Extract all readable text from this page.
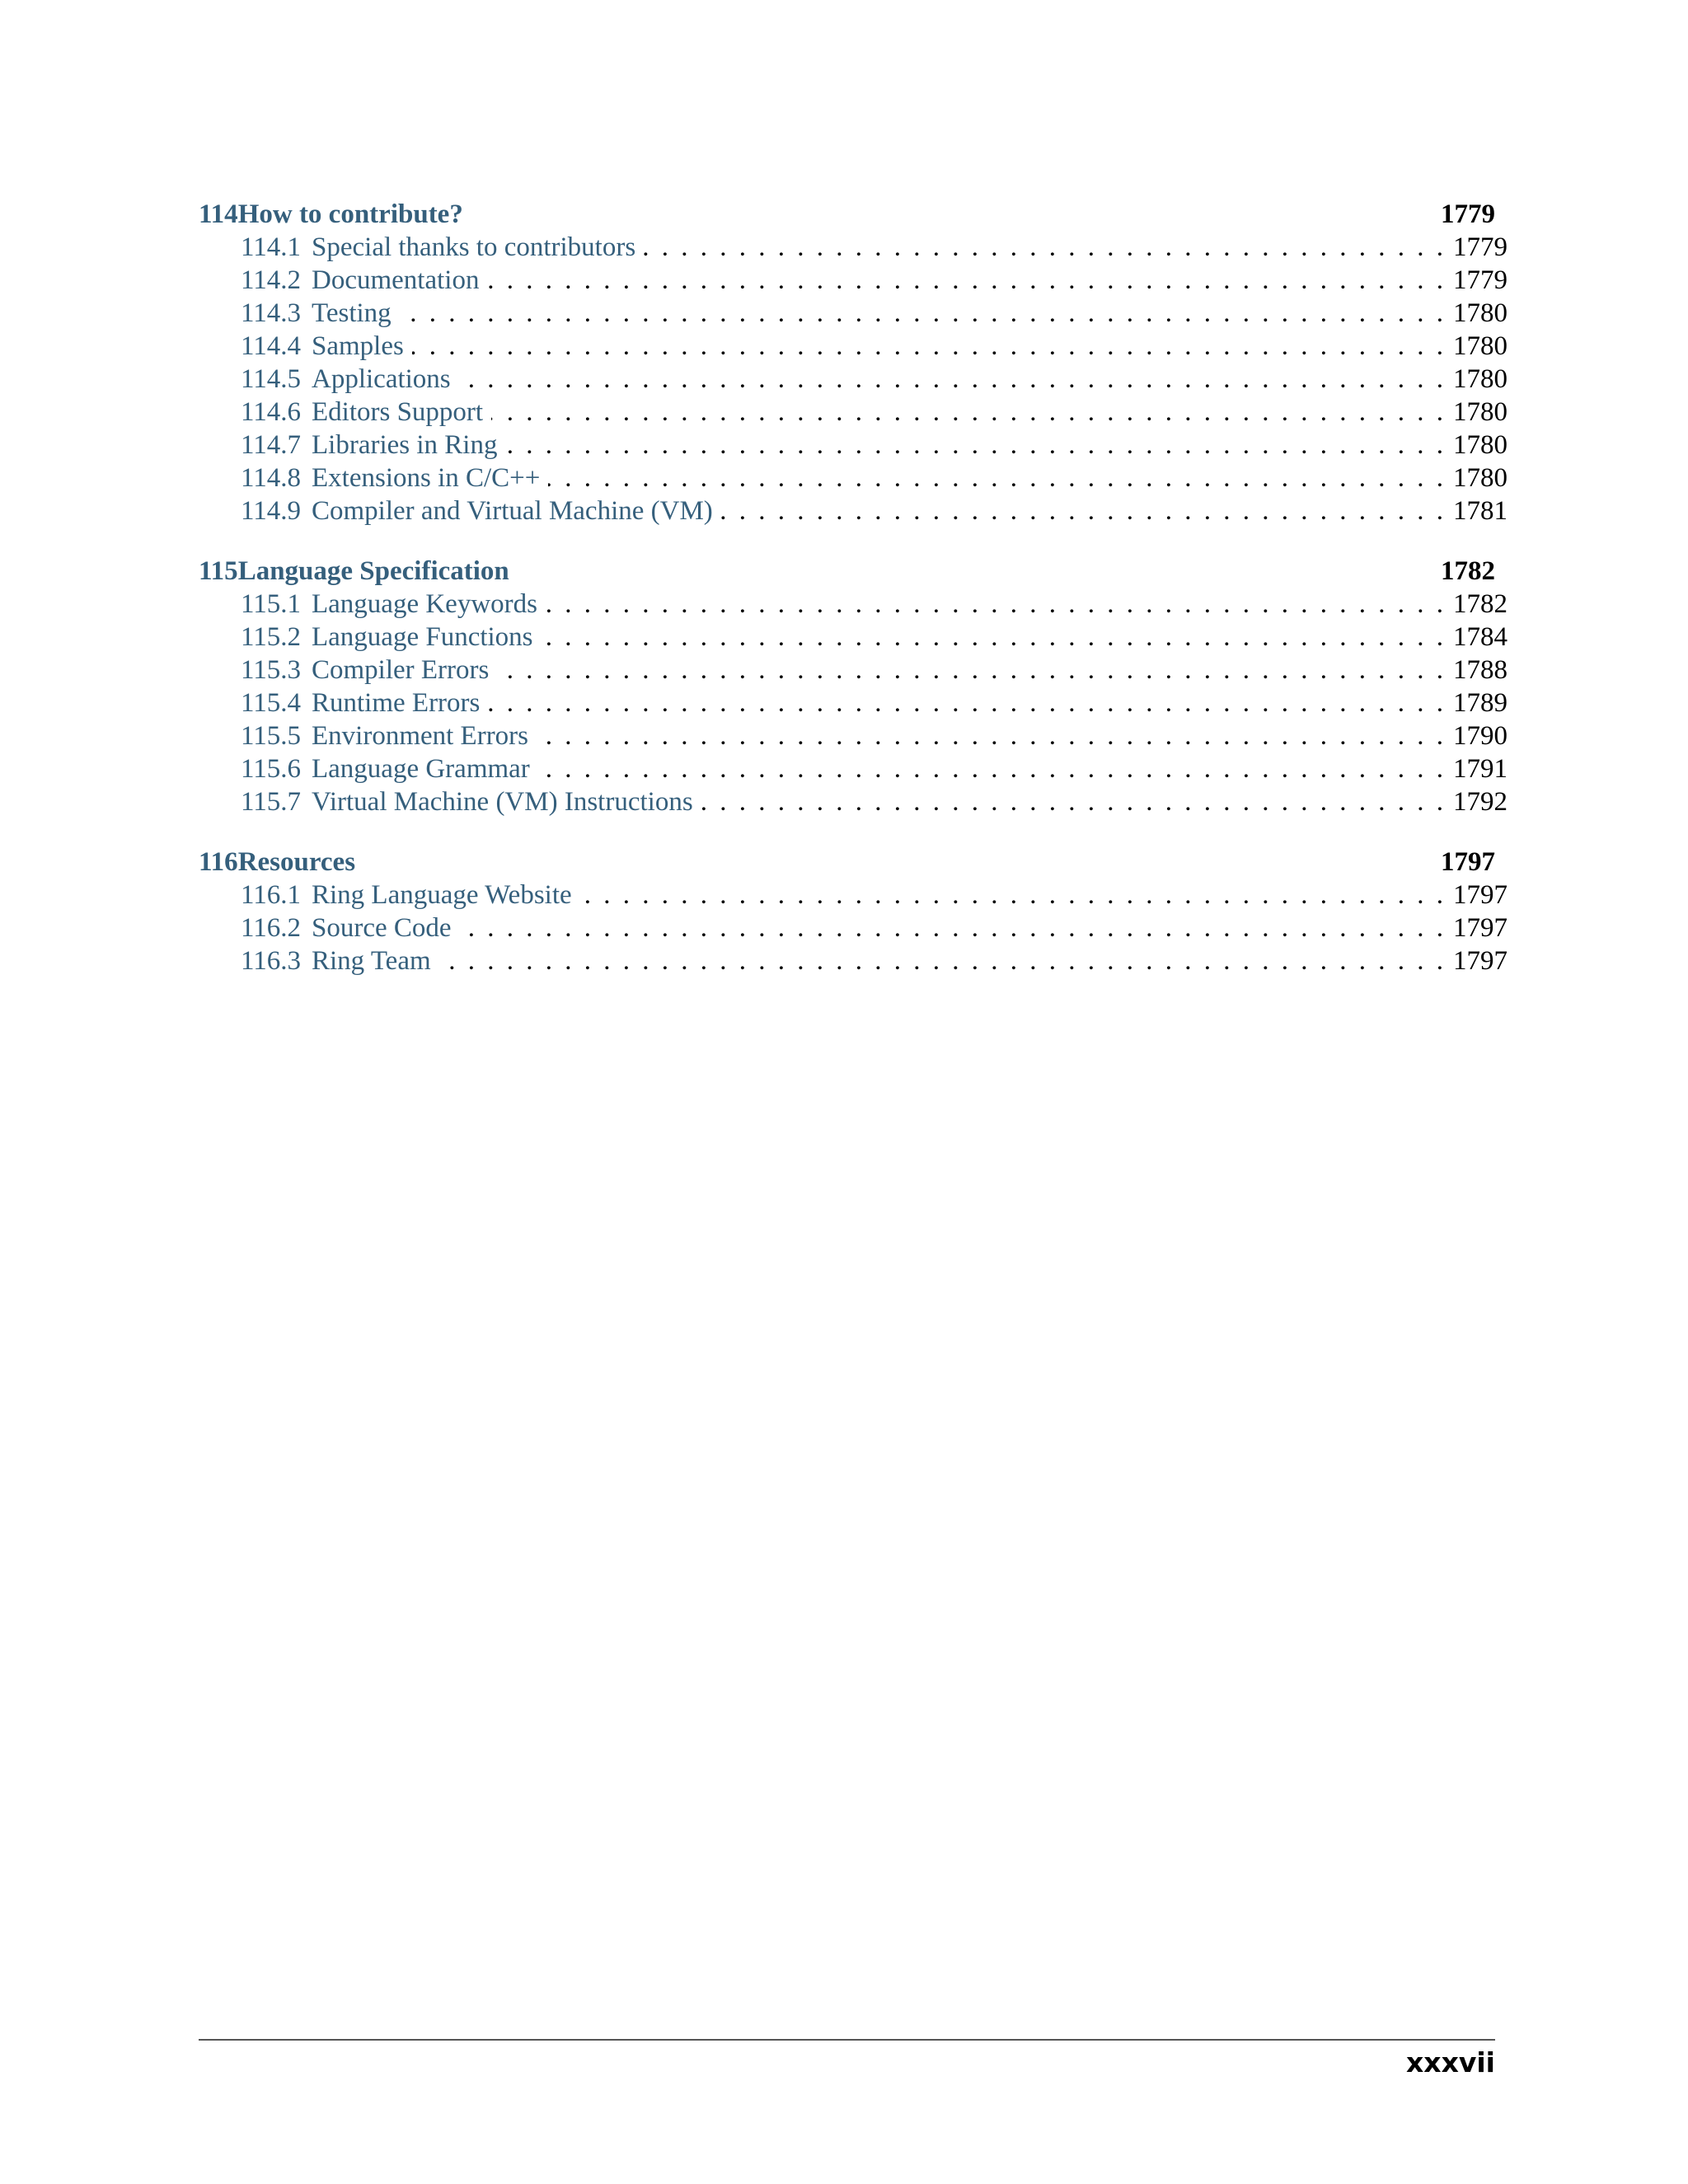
114 How to contribute?	1779
114.1 Special thanks to contributors . . .	1779
114.2 Documentation . . .	1779
114.3 Testing . . .	1780
114.4 Samples . . .	1780
114.5 Applications . . .	1780
114.6 Editors Support . . .	1780
114.7 Libraries in Ring . . .	1780
114.8 Extensions in C/C++ . . .	1780
114.9 Compiler and Virtual Machine (VM) . . .	1781
115 Language Specification	1782
115.1 Language Keywords . . .	1782
115.2 Language Functions . . .	1784
115.3 Compiler Errors . . .	1788
115.4 Runtime Errors . . .	1789
115.5 Environment Errors . . .	1790
115.6 Language Grammar . . .	1791
115.7 Virtual Machine (VM) Instructions . . .	1792
116 Resources	1797
116.1 Ring Language Website . . .	1797
116.2 Source Code . . .	1797
116.3 Ring Team . . .	1797
xxxvii
